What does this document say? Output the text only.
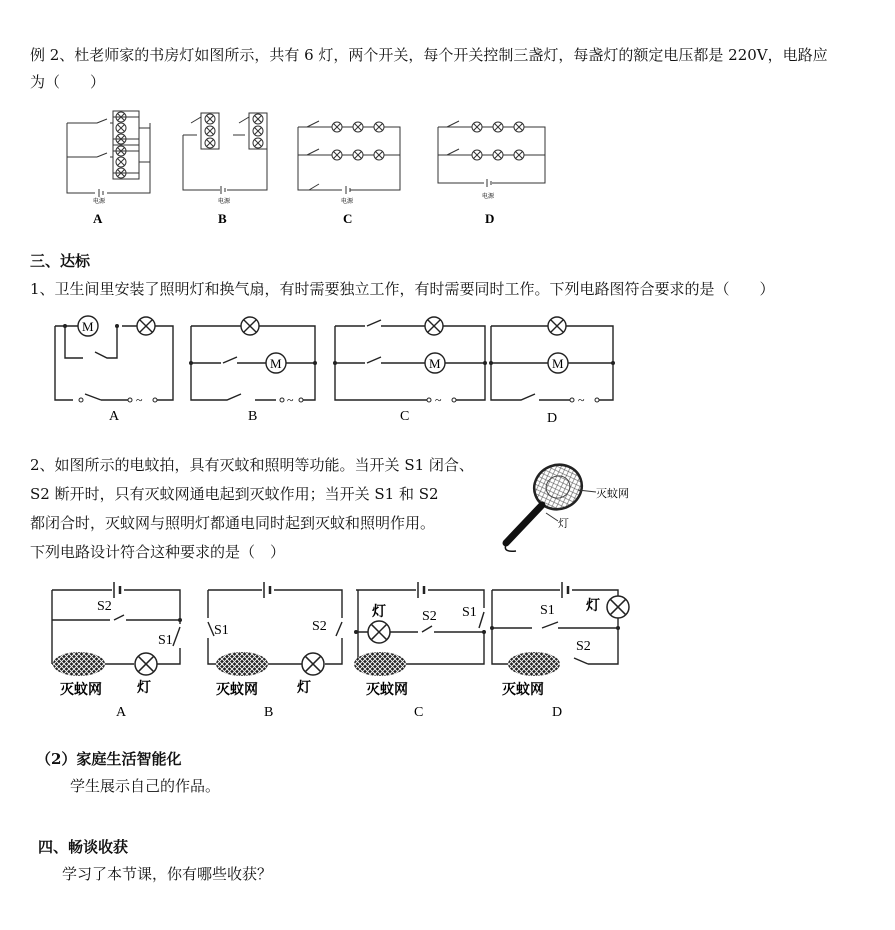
例 2、杜老师家的书房灯如图所示，共有 6 灯，两个开关，每个开关控制三盏灯，每盏灯的额定电压都是 220V，电路应
为（　　）
电源
A
电源
B
电源
C
电源
D
三、达标
1、卫生间里安装了照明灯和换气扇，有时需要独立工作，有时需要同时工作。下列电路图符合要求的是（　　）
~
M
A
~
M
B
~
M
C
~
M
D
2、如图所示的电蚊拍，具有灭蚊和照明等功能。当开关 S1 闭合、
S2 断开时，只有灭蚊网通电起到灭蚊作用；当开关 S1 和 S2
都闭合时，灭蚊网与照明灯都通电同时起到灭蚊和照明作用。
下列电路设计符合这种要求的是（　）
灭蚊网
灯
S2
S1
灭蚊网	灯
A
S1	S2
灭蚊网	灯
B
灯	S2 S1
灭蚊网
C
S1 灯
S2
灭蚊网
D
（2）家庭生活智能化
学生展示自己的作品。
四、畅谈收获
学习了本节课，你有哪些收获？
